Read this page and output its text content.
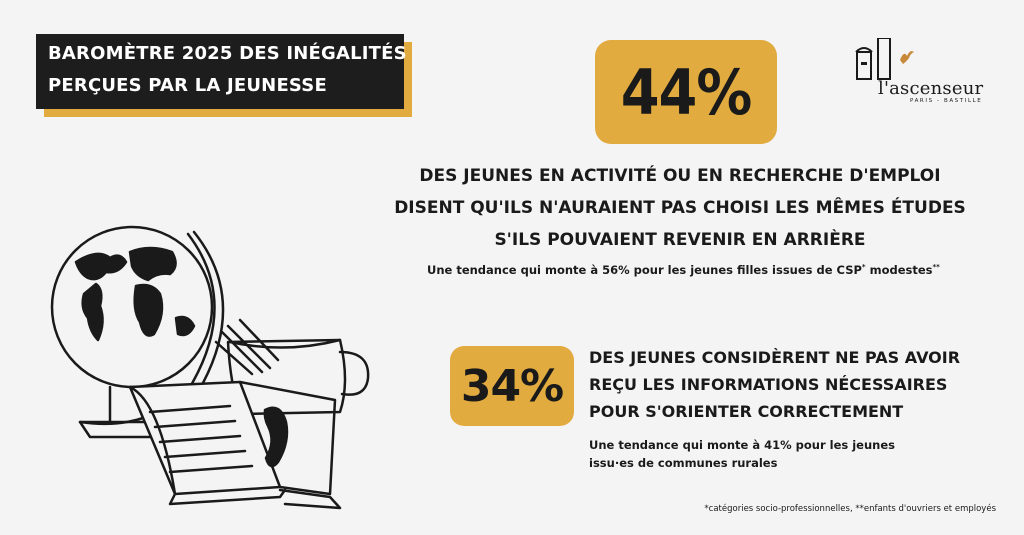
BAROMÈTRE 2025 DES INÉGALITÉS
PERÇUES PAR LA JEUNESSE	l'ascenseur
PARIS - BASTILLE
44%
DES JEUNES EN ACTIVITÉ OU EN RECHERCHE D'EMPLOI
DISENT QU'ILS N'AURAIENT PAS CHOISI LES MÊMES ÉTUDES
S'ILS POUVAIENT REVENIR EN ARRIÈRE
Une tendance qui monte à 56% pour les jeunes filles issues de CSP* modestes**
34%
DES JEUNES CONSIDÈRENT NE PAS AVOIR
REÇU LES INFORMATIONS NÉCESSAIRES
POUR S'ORIENTER CORRECTEMENT
Une tendance qui monte à 41% pour les jeunes
issu·es de communes rurales
*catégories socio-professionnelles, **enfants d'ouvriers et employés
